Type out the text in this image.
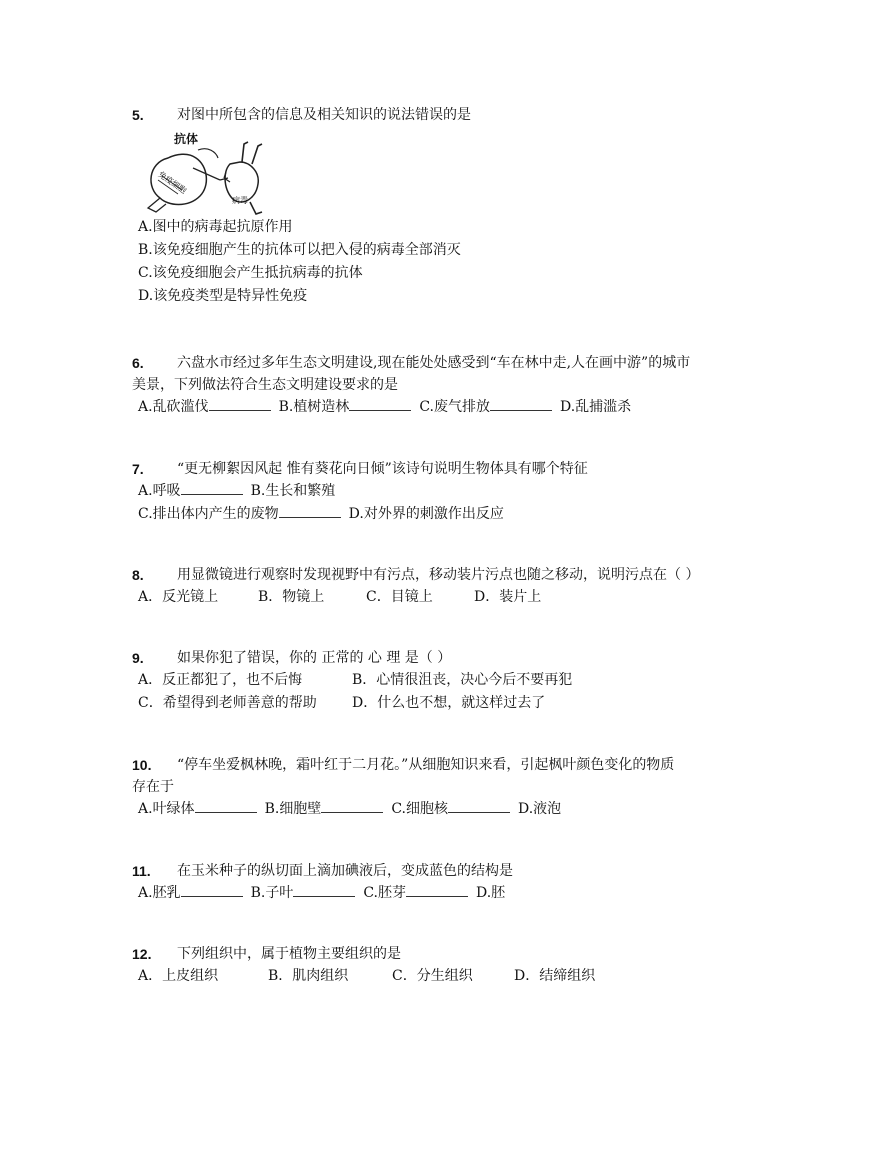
5.	对图中所包含的信息及相关知识的说法错误的是
抗体
免疫细胞
病毒
A.图中的病毒起抗原作用
B.该免疫细胞产生的抗体可以把入侵的病毒全部消灭
C.该免疫细胞会产生抵抗病毒的抗体
D.该免疫类型是特异性免疫
6.	六盘水市经过多年生态文明建设,现在能处处感受到“车在林中走,人在画中游”的城市
美景，下列做法符合生态文明建设要求的是
A.乱砍滥伐	B.植树造林	C.废气排放	D.乱捕滥杀
7.	“更无柳絮因风起 惟有葵花向日倾”该诗句说明生物体具有哪个特征
A.呼吸	B.生长和繁殖
C.排出体内产生的废物	D.对外界的刺激作出反应
8.	用显微镜进行观察时发现视野中有污点，移动装片污点也随之移动，说明污点在（ ）
A．反光镜上	B．物镜上	C．目镜上	D．装片上
9.	如果你犯了错误，你的 正常的 心 理 是（ ）
A．反正都犯了，也不后悔	B．心情很沮丧，决心今后不要再犯
C．希望得到老师善意的帮助	D．什么也不想，就这样过去了
10.	“停车坐爱枫林晚，霜叶红于二月花。”从细胞知识来看，引起枫叶颜色变化的物质
存在于
A.叶绿体	B.细胞壁	C.细胞核	D.液泡
11.	在玉米种子的纵切面上滴加碘液后，变成蓝色的结构是
A.胚乳	B.子叶	C.胚芽	D.胚
12.	下列组织中，属于植物主要组织的是
A．上皮组织	B．肌肉组织	C．分生组织	D．结缔组织
